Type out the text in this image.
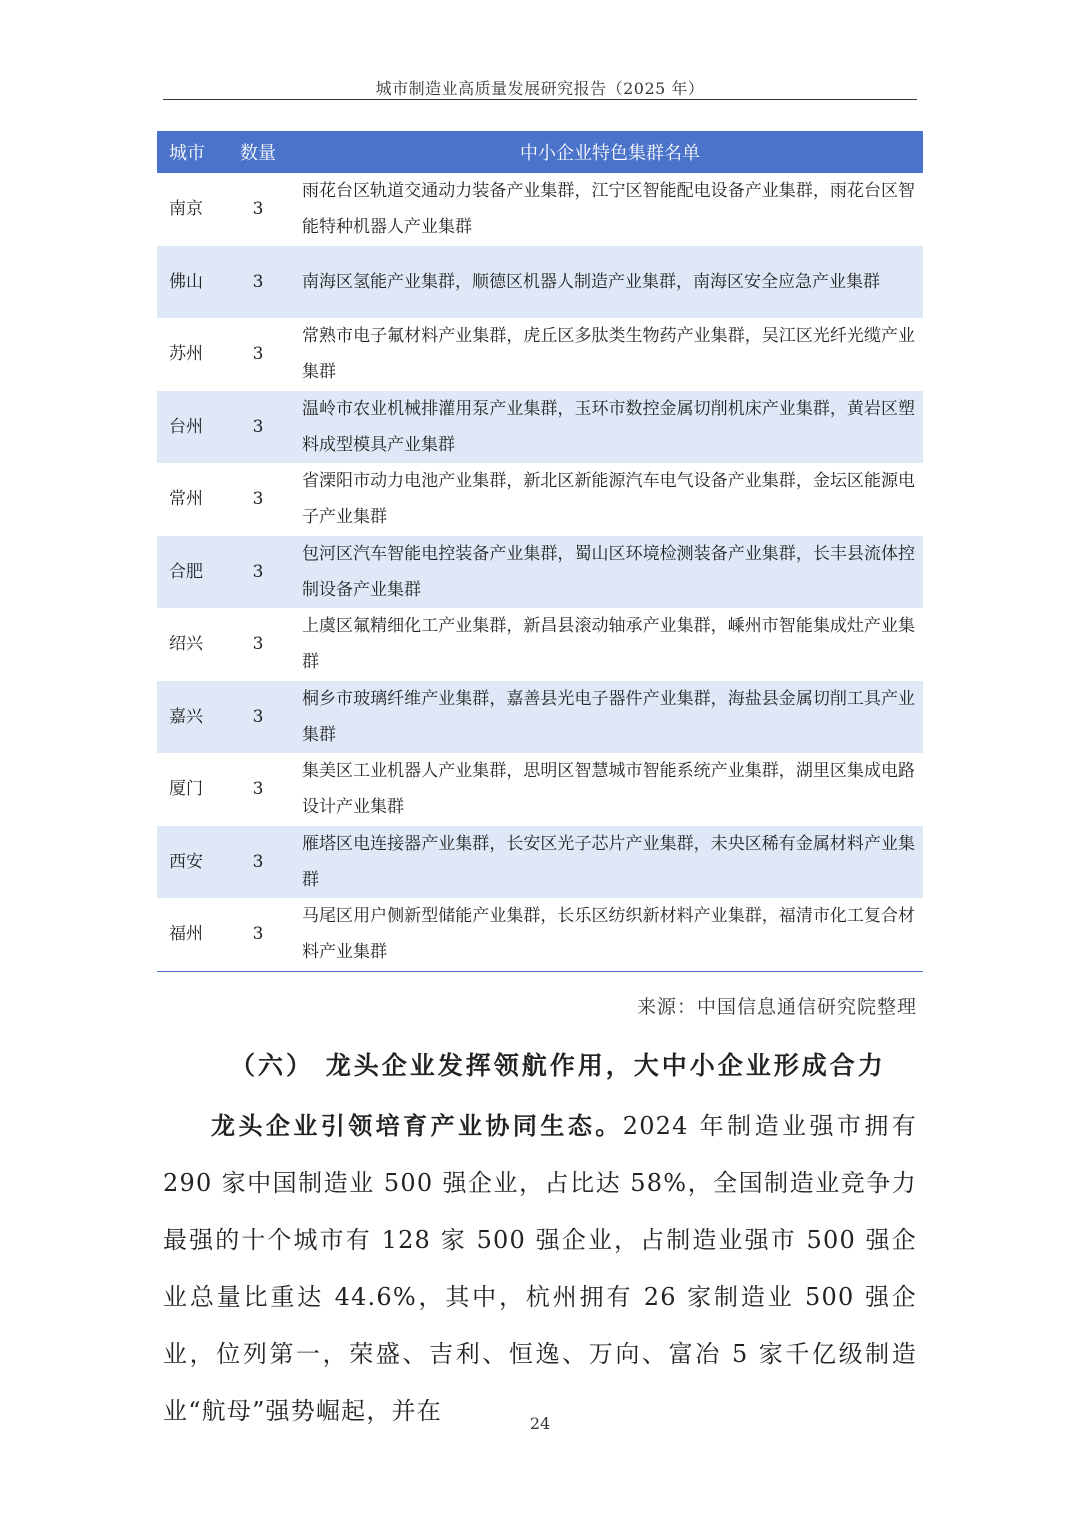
城市制造业高质量发展研究报告（2025 年）
城市	数量	中小企业特色集群名单
南京	3	雨花台区轨道交通动力装备产业集群，江宁区智能配电设备产业集群，雨花台区智能特种机器人产业集群
佛山	3	南海区氢能产业集群，顺德区机器人制造产业集群，南海区安全应急产业集群
苏州	3	常熟市电子氟材料产业集群，虎丘区多肽类生物药产业集群，吴江区光纤光缆产业集群
台州	3	温岭市农业机械排灌用泵产业集群，玉环市数控金属切削机床产业集群，黄岩区塑料成型模具产业集群
常州	3	省溧阳市动力电池产业集群，新北区新能源汽车电气设备产业集群，金坛区能源电子产业集群
合肥	3	包河区汽车智能电控装备产业集群，蜀山区环境检测装备产业集群，长丰县流体控制设备产业集群
绍兴	3	上虞区氟精细化工产业集群，新昌县滚动轴承产业集群，嵊州市智能集成灶产业集群
嘉兴	3	桐乡市玻璃纤维产业集群，嘉善县光电子器件产业集群，海盐县金属切削工具产业集群
厦门	3	集美区工业机器人产业集群，思明区智慧城市智能系统产业集群，湖里区集成电路设计产业集群
西安	3	雁塔区电连接器产业集群，长安区光子芯片产业集群，未央区稀有金属材料产业集群
福州	3	马尾区用户侧新型储能产业集群，长乐区纺织新材料产业集群，福清市化工复合材料产业集群
来源：中国信息通信研究院整理
（六） 龙头企业发挥领航作用，大中小企业形成合力
龙头企业引领培育产业协同生态。2024 年制造业强市拥有 290 家中国制造业 500 强企业，占比达 58%，全国制造业竞争力最强的十个城市有 128 家 500 强企业，占制造业强市 500 强企业总量比重达 44.6%，其中，杭州拥有 26 家制造业 500 强企业，位列第一，荣盛、吉利、恒逸、万向、富冶 5 家千亿级制造业“航母”强势崛起，并在	24
